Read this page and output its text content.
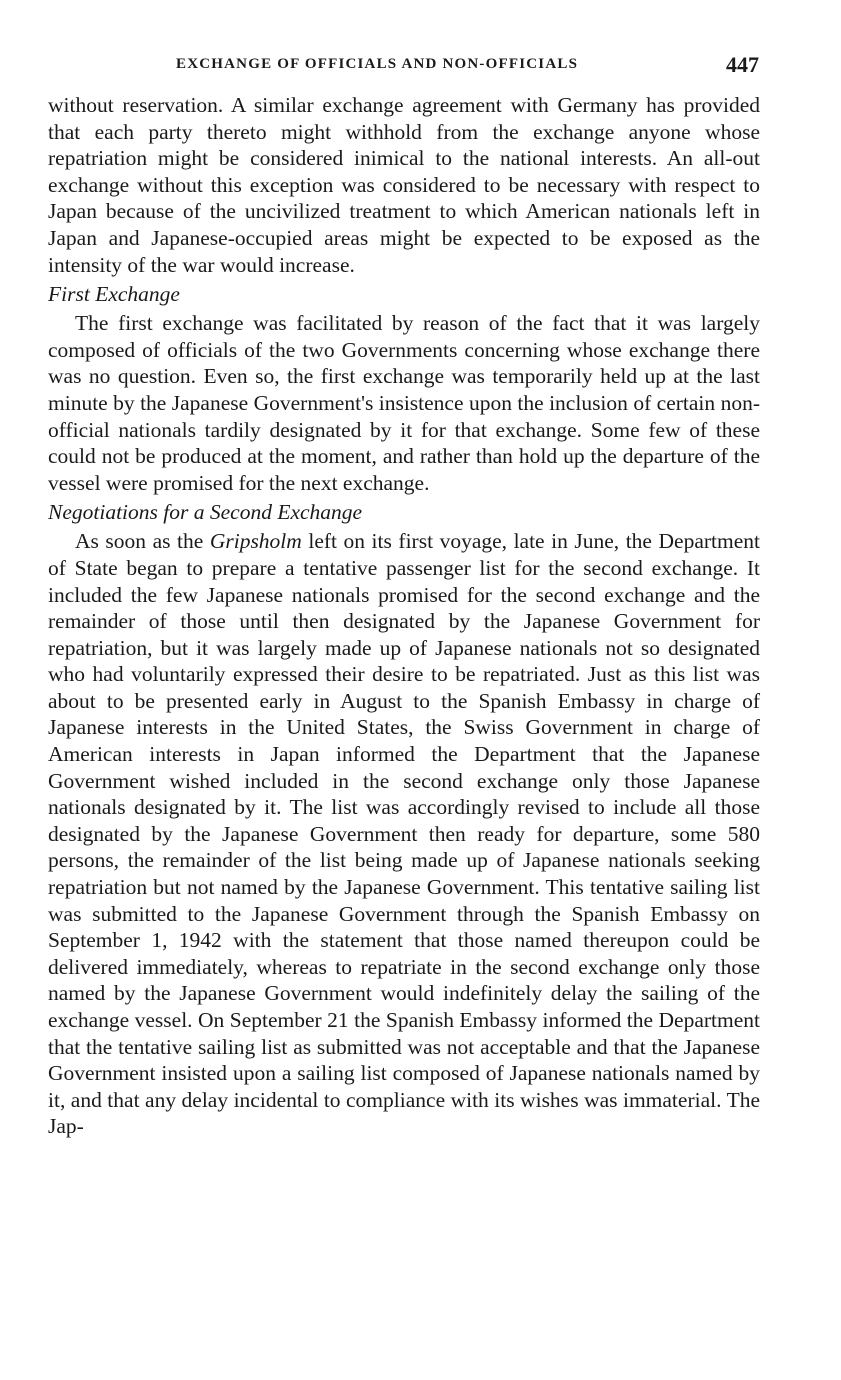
EXCHANGE OF OFFICIALS AND NON-OFFICIALS	447

without reservation. A similar exchange agreement with Germany has provided that each party thereto might withhold from the exchange anyone whose repatriation might be considered inimical to the national interests. An all-out exchange without this exception was considered to be necessary with respect to Japan because of the uncivilized treatment to which American nationals left in Japan and Japanese-occupied areas might be expected to be exposed as the intensity of the war would increase.

First Exchange

The first exchange was facilitated by reason of the fact that it was largely composed of officials of the two Governments concerning whose exchange there was no question. Even so, the first exchange was temporarily held up at the last minute by the Japanese Government's insistence upon the inclusion of certain non-official nationals tardily designated by it for that exchange. Some few of these could not be produced at the moment, and rather than hold up the departure of the vessel were promised for the next exchange.

Negotiations for a Second Exchange

As soon as the Gripsholm left on its first voyage, late in June, the Department of State began to prepare a tentative passenger list for the second exchange. It included the few Japanese nationals promised for the second exchange and the remainder of those until then designated by the Japanese Government for repatriation, but it was largely made up of Japanese nationals not so designated who had voluntarily expressed their desire to be repatriated. Just as this list was about to be presented early in August to the Spanish Embassy in charge of Japanese interests in the United States, the Swiss Government in charge of American interests in Japan informed the Department that the Japanese Government wished included in the second exchange only those Japanese nationals designated by it. The list was accordingly revised to include all those designated by the Japanese Government then ready for departure, some 580 persons, the remainder of the list being made up of Japanese nationals seeking repatriation but not named by the Japanese Government. This tentative sailing list was submitted to the Japanese Government through the Spanish Embassy on September 1, 1942 with the statement that those named thereupon could be delivered immediately, whereas to repatriate in the second exchange only those named by the Japanese Government would indefinitely delay the sailing of the exchange vessel. On September 21 the Spanish Embassy informed the Department that the tentative sailing list as submitted was not acceptable and that the Japanese Government insisted upon a sailing list composed of Japanese nationals named by it, and that any delay incidental to compliance with its wishes was immaterial. The Jap-
